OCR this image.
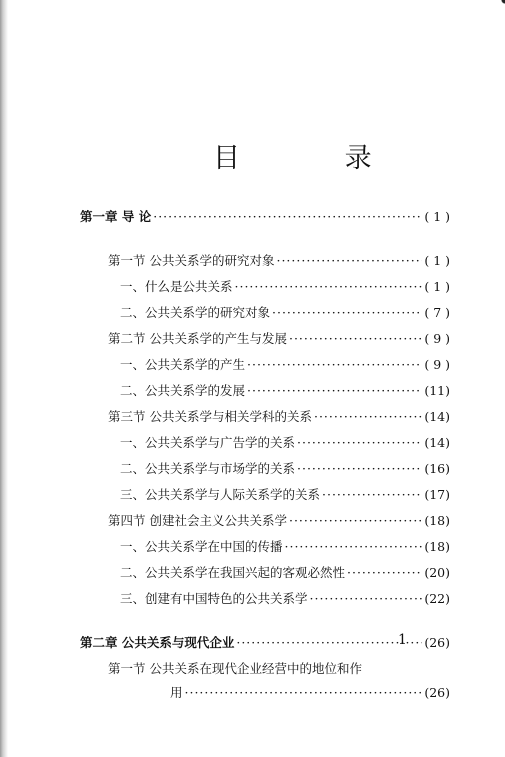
目 录
第一章 导 论 ·····	( 1 )
第一节 公共关系学的研究对象 ·····	( 1 )
一、什么是公共关系 ·····	( 1 )
二、公共关系学的研究对象 ·····	( 7 )
第二节 公共关系学的产生与发展 ·····	( 9 )
一、公共关系学的产生 ·····	( 9 )
二、公共关系学的发展 ·····	(11)
第三节 公共关系学与相关学科的关系 ·····	(14)
一、公共关系学与广告学的关系 ·····	(14)
二、公共关系学与市场学的关系 ·····	(16)
三、公共关系学与人际关系学的关系 ·····	(17)
第四节 创建社会主义公共关系学 ·····	(18)
一、公共关系学在中国的传播 ·····	(18)
二、公共关系学在我国兴起的客观必然性 ·····	(20)
三、创建有中国特色的公共关系学 ·····	(22)
第二章 公共关系与现代企业 ·····	(26)
第一节 公共关系在现代企业经营中的地位和作
用 ·····	(26)
1
